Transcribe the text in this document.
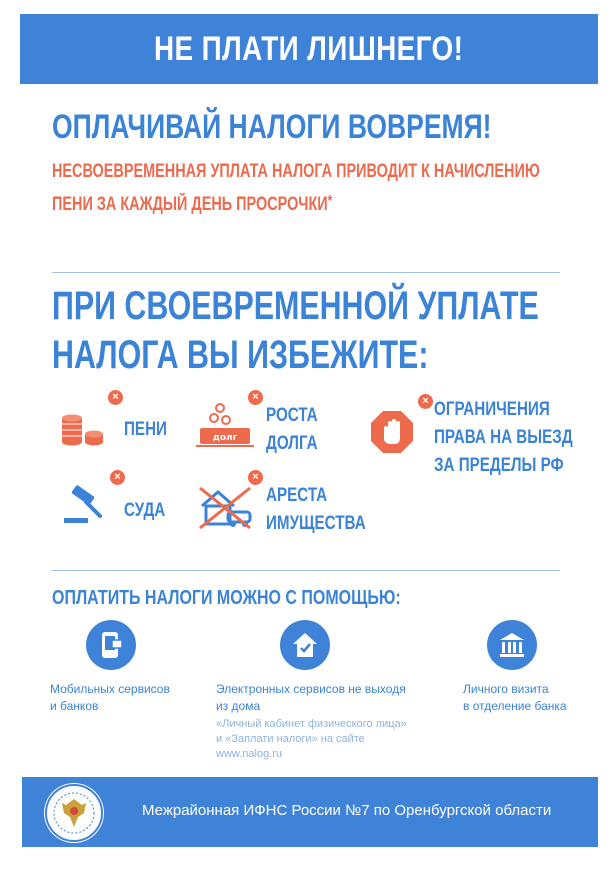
НЕ ПЛАТИ ЛИШНЕГО!
ОПЛАЧИВАЙ НАЛОГИ ВОВРЕМЯ!
НЕСВОЕВРЕМЕННАЯ УПЛАТА НАЛОГА ПРИВОДИТ К НАЧИСЛЕНИЮ
ПЕНИ ЗА КАЖДЫЙ ДЕНЬ ПРОСРОЧКИ*
ПРИ СВОЕВРЕМЕННОЙ УПЛАТЕ
НАЛОГА ВЫ ИЗБЕЖИТЕ:
×
ПЕНИ
×
долг
РОСТА
ДОЛГА
× ОГРАНИЧЕНИЯ
ПРАВА НА ВЫЕЗД
ЗА ПРЕДЕЛЫ РФ
×
СУДА
×
АРЕСТА
ИМУЩЕСТВА
ОПЛАТИТЬ НАЛОГИ МОЖНО С ПОМОЩЬЮ:
Мобильных сервисов
и банков
Электронных сервисов не выходя
из дома
«Личный кабинет физического лица»
и «Заплати налоги» на сайте
www.nalog.ru
Личного визита
в отделение банка
Межрайонная ИФНС России №7 по Оренбургской области
